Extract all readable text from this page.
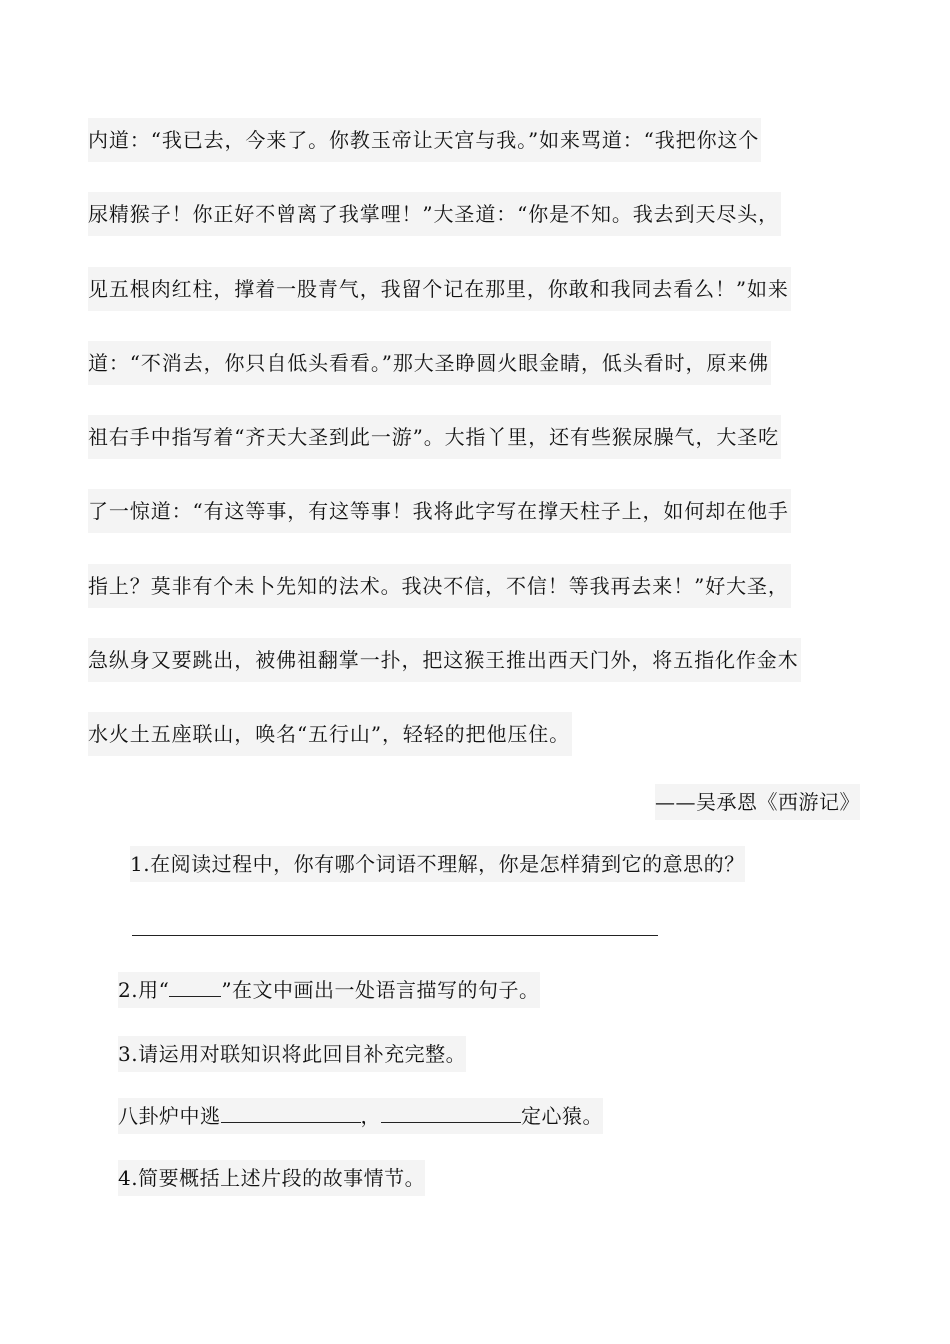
内道：“我已去，今来了。你教玉帝让天宫与我。”如来骂道：“我把你这个
尿精猴子！你正好不曾离了我掌哩！”大圣道：“你是不知。我去到天尽头，
见五根肉红柱，撑着一股青气，我留个记在那里，你敢和我同去看么！”如来
道：“不消去，你只自低头看看。”那大圣睁圆火眼金睛，低头看时，原来佛
祖右手中指写着“齐天大圣到此一游”。大指丫里，还有些猴尿臊气，大圣吃
了一惊道：“有这等事，有这等事！我将此字写在撑天柱子上，如何却在他手
指上？莫非有个未卜先知的法术。我决不信，不信！等我再去来！”好大圣，
急纵身又要跳出，被佛祖翻掌一扑，把这猴王推出西天门外，将五指化作金木
水火土五座联山，唤名“五行山”，轻轻的把他压住。
——吴承恩《西游记》
1.在阅读过程中，你有哪个词语不理解，你是怎样猜到它的意思的？
2.用“	”在文中画出一处语言描写的句子。
3.请运用对联知识将此回目补充完整。
八卦炉中逃	，	定心猿。
4.简要概括上述片段的故事情节。
